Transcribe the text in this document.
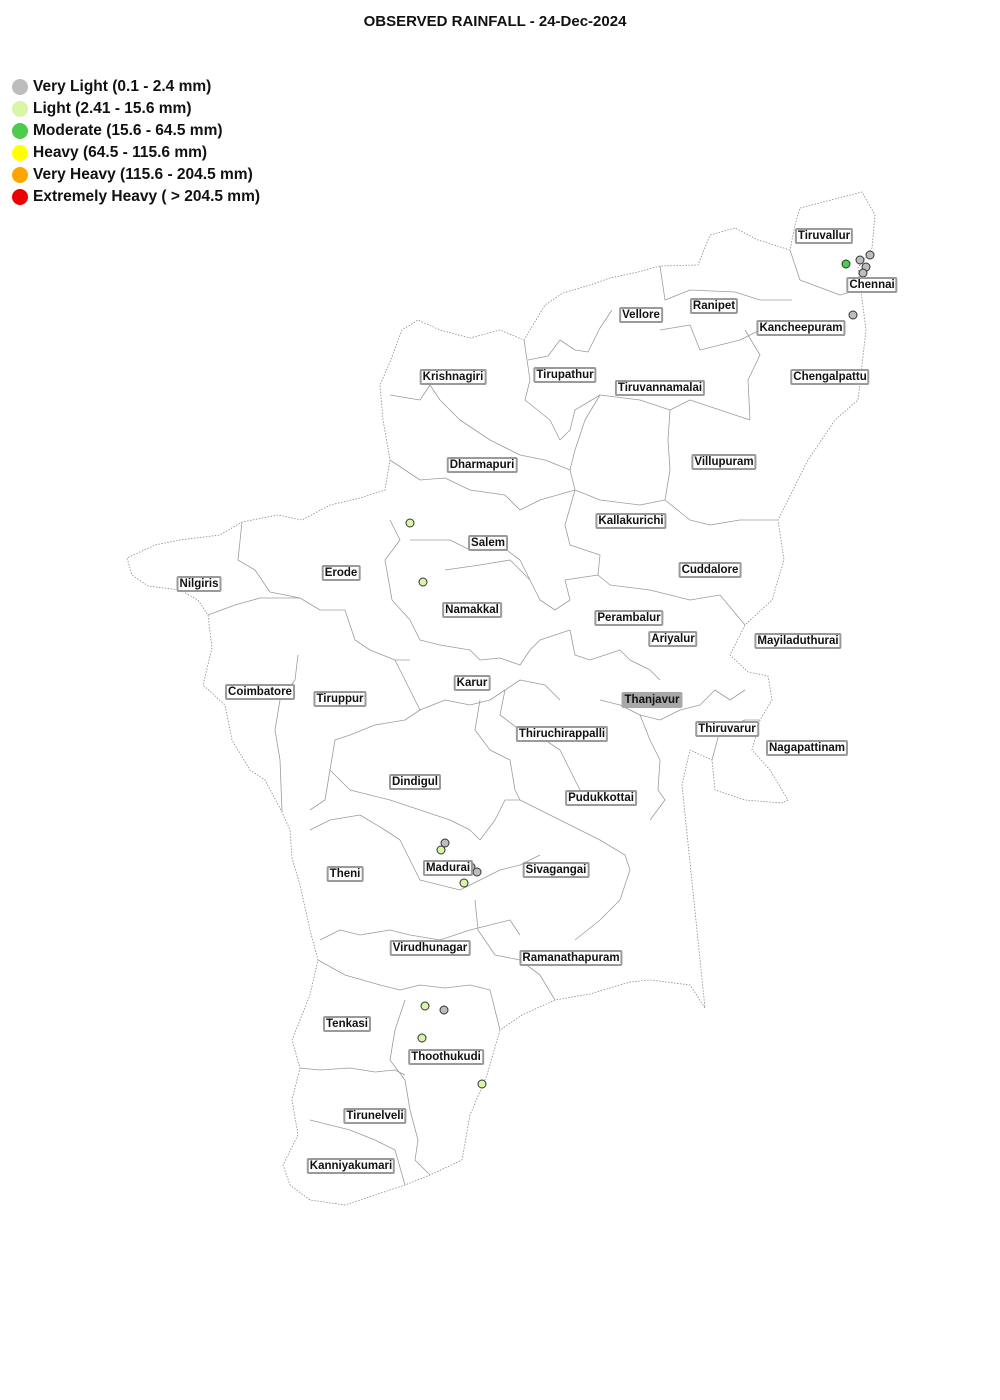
OBSERVED RAINFALL - 24-Dec-2024
Very Light (0.1 - 2.4 mm)
Light (2.41 - 15.6 mm)
Moderate (15.6 - 64.5 mm)
Heavy (64.5 - 115.6 mm)
Very Heavy (115.6 - 204.5 mm)
Extremely Heavy ( > 204.5 mm)
Tiruvallur
Chennai
Ranipet
Vellore
Kancheepuram
Krishnagiri	Tirupathur
Tiruvannamalai
Chengalpattu
Dharmapuri	Villupuram
Kallakurichi
Salem
Erode
Nilgiris
Cuddalore
Namakkal
Perambalur
Ariyalur	Mayiladuthurai
Coimbatore
Tiruppur
Karur
Thanjavur
Thiruchirappalli	Thiruvarur
Nagapattinam
Dindigul
Pudukkottai
Theni	Madurai	Sivagangai
Virudhunagar
Ramanathapuram
Tenkasi
Thoothukudi
Tirunelveli
Kanniyakumari
